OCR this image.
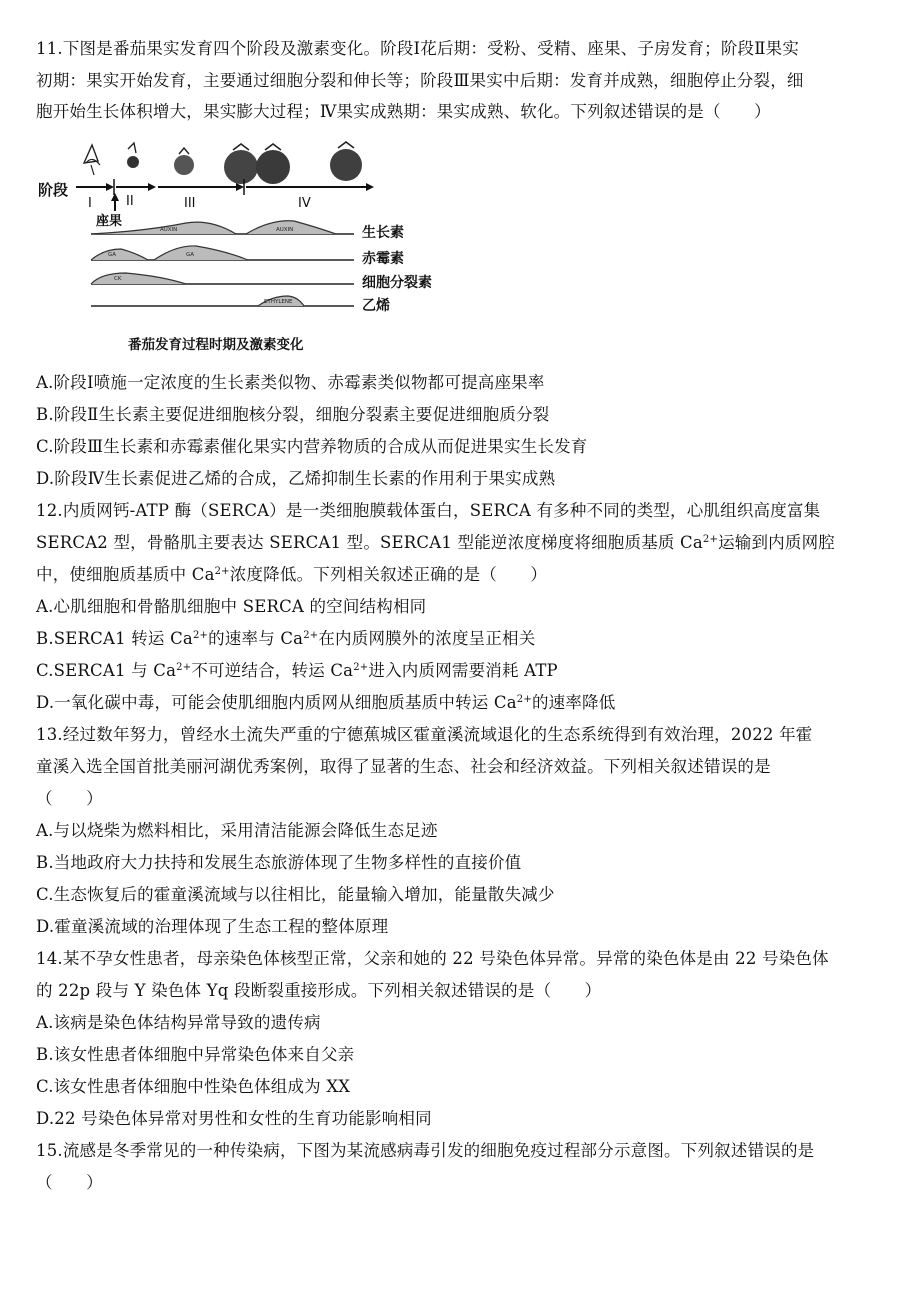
11.下图是番茄果实发育四个阶段及激素变化。阶段Ⅰ花后期：受粉、受精、座果、子房发育；阶段Ⅱ果实
初期：果实开始发育，主要通过细胞分裂和伸长等；阶段Ⅲ果实中后期：发育并成熟，细胞停止分裂，细
胞开始生长体积增大，果实膨大过程；Ⅳ果实成熟期：果实成熟、软化。下列叙述错误的是（　　）
阶段
I	II	III	IV
座果
AUXIN	AUXIN	生长素
GA	GA	赤霉素
CK	细胞分裂素
ETHYLENE	乙烯
番茄发育过程时期及激素变化
A.阶段Ⅰ喷施一定浓度的生长素类似物、赤霉素类似物都可提高座果率
B.阶段Ⅱ生长素主要促进细胞核分裂，细胞分裂素主要促进细胞质分裂
C.阶段Ⅲ生长素和赤霉素催化果实内营养物质的合成从而促进果实生长发育
D.阶段Ⅳ生长素促进乙烯的合成，乙烯抑制生长素的作用利于果实成熟
12.内质网钙-ATP 酶（SERCA）是一类细胞膜载体蛋白，SERCA 有多种不同的类型，心肌组织高度富集
SERCA2 型，骨骼肌主要表达 SERCA1 型。SERCA1 型能逆浓度梯度将细胞质基质 $Ca^{2+}$运输到内质网腔
中，使细胞质基质中 $Ca^{2+}$浓度降低。下列相关叙述正确的是（　　）
A.心肌细胞和骨骼肌细胞中 SERCA 的空间结构相同
B.SERCA1 转运 $Ca^{2+}$的速率与 $Ca^{2+}$在内质网膜外的浓度呈正相关
C.SERCA1 与 $Ca^{2+}$不可逆结合，转运 $Ca^{2+}$进入内质网需要消耗 ATP
D.一氧化碳中毒，可能会使肌细胞内质网从细胞质基质中转运 $Ca^{2+}$的速率降低
13.经过数年努力，曾经水土流失严重的宁德蕉城区霍童溪流域退化的生态系统得到有效治理，2022 年霍
童溪入选全国首批美丽河湖优秀案例，取得了显著的生态、社会和经济效益。下列相关叙述错误的是
（　　）
A.与以烧柴为燃料相比，采用清洁能源会降低生态足迹
B.当地政府大力扶持和发展生态旅游体现了生物多样性的直接价值
C.生态恢复后的霍童溪流域与以往相比，能量输入增加，能量散失减少
D.霍童溪流域的治理体现了生态工程的整体原理
14.某不孕女性患者，母亲染色体核型正常，父亲和她的 22 号染色体异常。异常的染色体是由 22 号染色体
的 22p 段与 Y 染色体 Yq 段断裂重接形成。下列相关叙述错误的是（　　）
A.该病是染色体结构异常导致的遗传病
B.该女性患者体细胞中异常染色体来自父亲
C.该女性患者体细胞中性染色体组成为 XX
D.22 号染色体异常对男性和女性的生育功能影响相同
15.流感是冬季常见的一种传染病，下图为某流感病毒引发的细胞免疫过程部分示意图。下列叙述错误的是
（　　）
